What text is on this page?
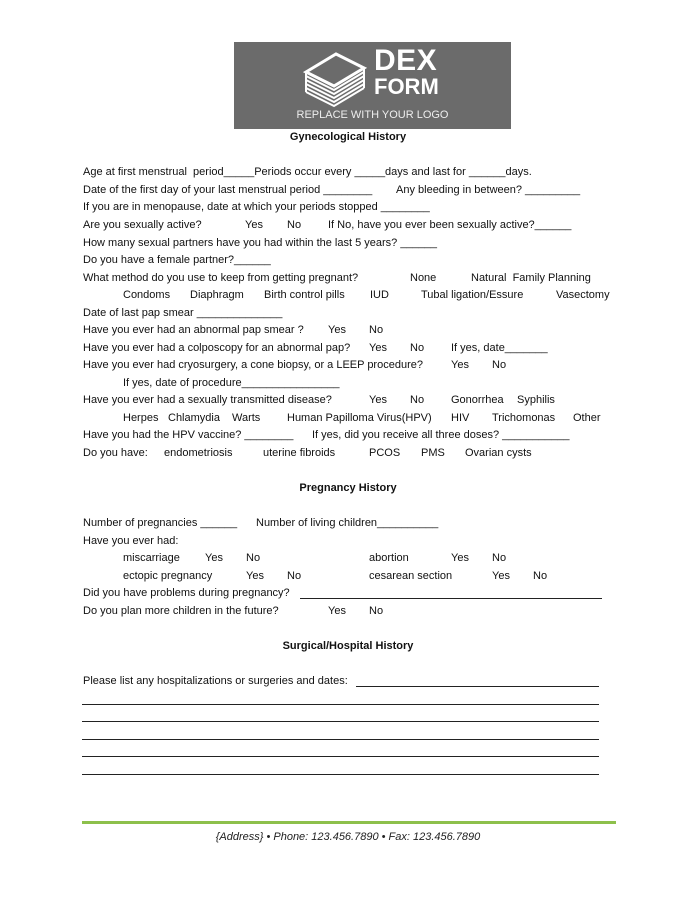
DEX
FORM
REPLACE WITH YOUR LOGO
Gynecological History
Pregnancy History
Surgical/Hospital History
Age at first menstrual  period_____Periods occur every _____days and last for ______days.
Date of the first day of your last menstrual period ________ Any bleeding in between? _________
If you are in menopause, date at which your periods stopped ________
Are you sexually active?	Yes No If No, have you ever been sexually active?______
How many sexual partners have you had within the last 5 years? ______
Do you have a female partner?______
What method do you use to keep from getting pregnant?	None	Natural  Family Planning
Condoms Diaphragm Birth control pills IUD	Tubal ligation/Essure	Vasectomy
Date of last pap smear ______________
Have you ever had an abnormal pap smear ? Yes No
Have you ever had a colposcopy for an abnormal pap? Yes No If yes, date_______
Have you ever had cryosurgery, a cone biopsy, or a LEEP procedure?	Yes No
If yes, date of procedure________________
Have you ever had a sexually transmitted disease?	Yes No Gonorrhea Syphilis
Herpes Chlamydia Warts Human Papilloma Virus(HPV) HIV Trichomonas Other
Have you had the HPV vaccine? ________ If yes, did you receive all three doses? ___________
Do you have: endometriosis	uterine fibroids	PCOS PMS Ovarian cysts
Number of pregnancies ______ Number of living children__________
Have you ever had:
miscarriage Yes No	abortion	Yes No
ectopic pregnancy	Yes No	cesarean section	Yes No
Did you have problems during pregnancy?
Do you plan more children in the future?	Yes No
Please list any hospitalizations or surgeries and dates:
{Address} • Phone: 123.456.7890 • Fax: 123.456.7890
